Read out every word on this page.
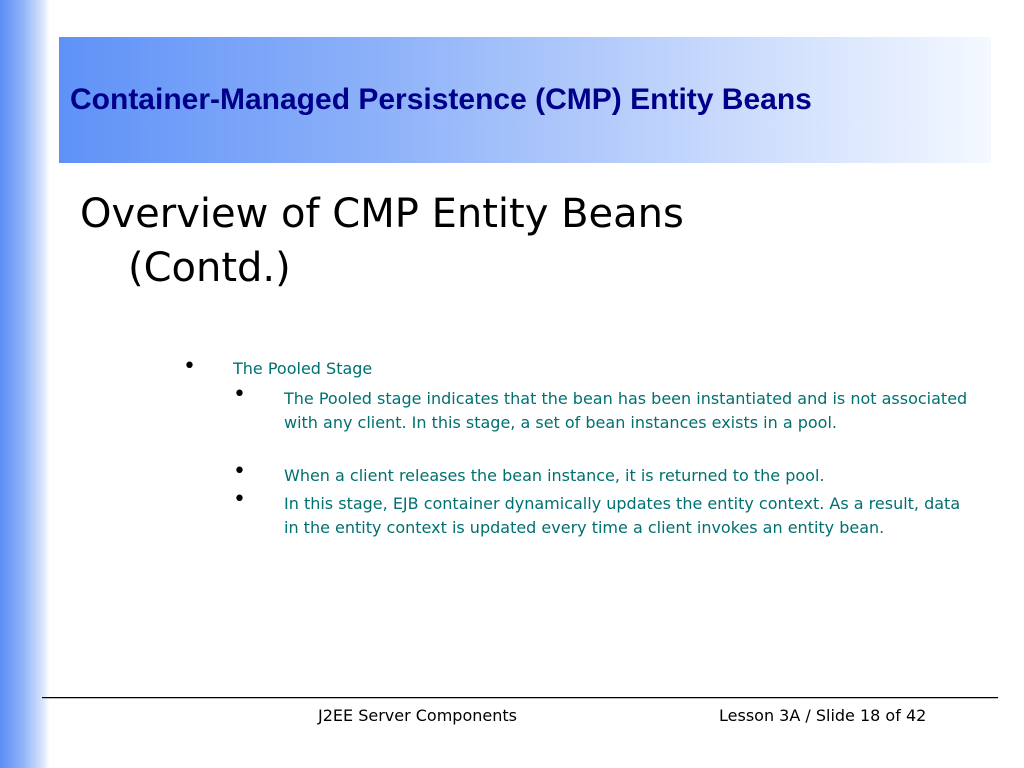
Container-Managed Persistence (CMP) Entity Beans
Overview of CMP Entity Beans (Contd.)
• The Pooled Stage
• The Pooled stage indicates that the bean has been instantiated and is not associated with any client. In this stage, a set of bean instances exists in a pool.
• When a client releases the bean instance, it is returned to the pool.
• In this stage, EJB container dynamically updates the entity context. As a result, data in the entity context is updated every time a client invokes an entity bean.
J2EE Server Components	Lesson 3A / Slide 18 of 42
